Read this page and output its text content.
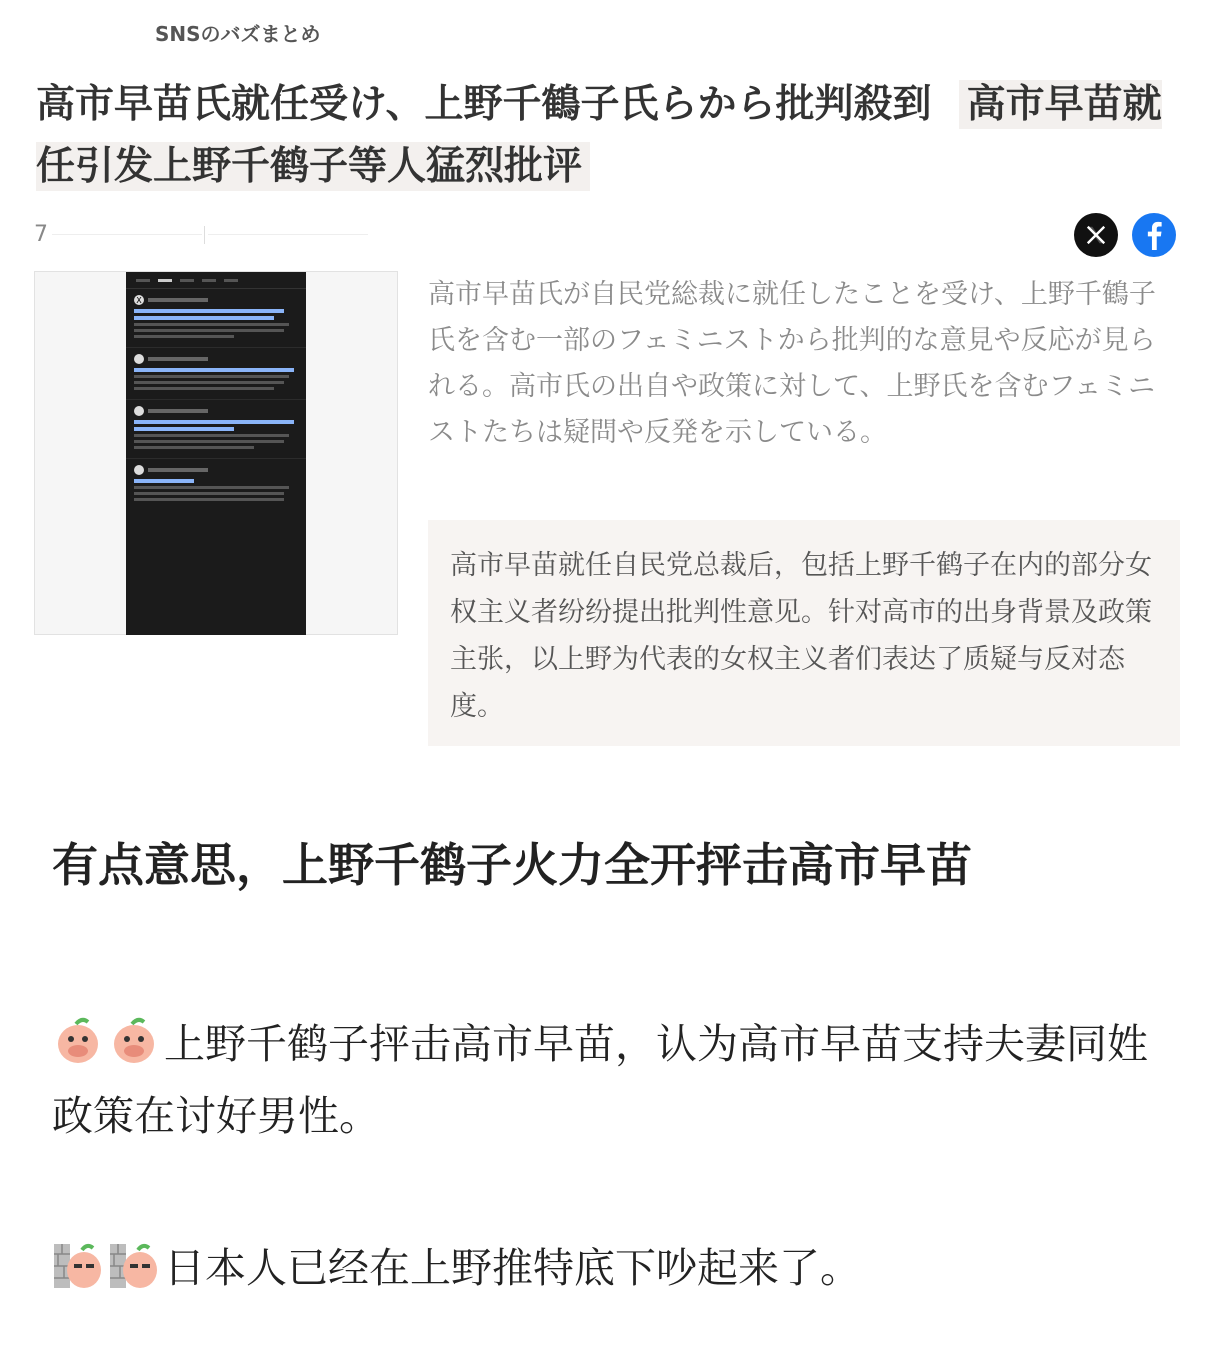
SNSのバズまとめ
高市早苗氏就任受け、上野千鶴子氏らから批判殺到 高市早苗就任引发上野千鹤子等人猛烈批评
7
X	高市早苗氏が自民党総裁に就任したことを受け、上野千鶴子氏を含む一部のフェミニストから批判的な意見や反応が見られる。高市氏の出自や政策に対して、上野氏を含むフェミニストたちは疑問や反発を示している。

高市早苗就任自民党总裁后，包括上野千鹤子在内的部分女权主义者纷纷提出批判性意见。针对高市的出身背景及政策主张，以上野为代表的女权主义者们表达了质疑与反对态度。

有点意思，上野千鹤子火力全开抨击高市早苗

上野千鹤子抨击高市早苗，认为高市早苗支持夫妻同姓政策在讨好男性。

日本人已经在上野推特底下吵起来了。
